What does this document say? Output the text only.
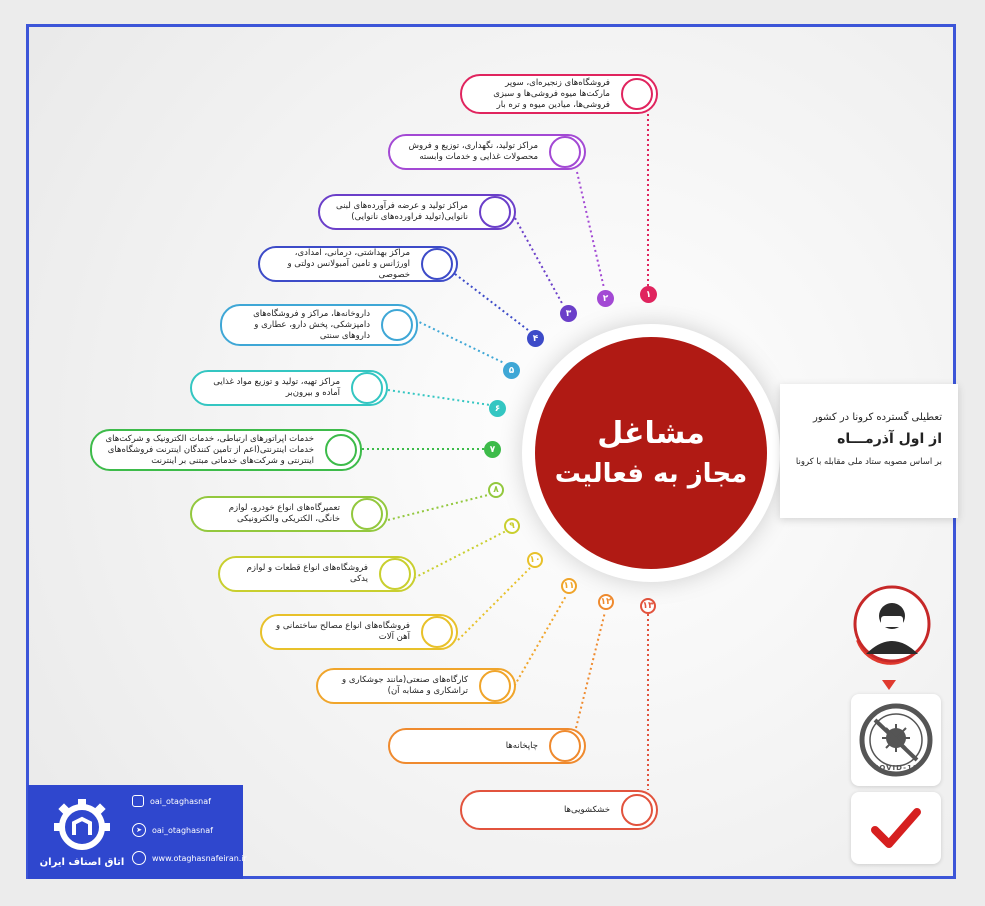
فروشگاه‌های زنجیره‌ای، سوپر مارکت‌ها میوه فروشی‌ها و سبزی فروشی‌ها، میادین میوه و تره بار
مراکز تولید، نگهداری، توزیع و فروش محصولات غذایی و خدمات وابسته
مراکز تولید و عرضه فرآورده‌های لبنی نانوایی(تولید فراورده‌های نانوایی)
مراکز بهداشتی، درمانی، امدادی، اورژانس و تامین آمبولانس دولتی و خصوصی
داروخانه‌ها، مراکز و فروشگاه‌های دامپزشکی، پخش دارو، عطاری و داروهای سنتی
مراکز تهیه، تولید و توزیع مواد غذایی آماده و بیرون‌بر
خدمات اپراتورهای ارتباطی، خدمات الکترونیک و شرکت‌های خدمات اینترنتی(اعم از تامین کنندگان اینترنت فروشگاه‌های اینترنتی و شرکت‌های خدماتی مبتنی بر اینترنت
تعمیرگاه‌های انواع خودرو، لوازم خانگی، الکتریکی والکترونیکی
فروشگاه‌های انواع قطعات و لوازم یدکی
فروشگاه‌های انواع مصالح ساختمانی و آهن آلات
کارگاه‌های صنعتی(مانند جوشکاری و تراشکاری و مشابه آن)
چاپخانه‌ها
خشکشویی‌ها
۱
۲
۳
۴
۵
۶
۷
۸
۹
۱۰
۱۱
۱۲	۱۳
مشاغل
مجاز به فعالیت
تعطیلی گسترده کرونا در کشور
از اول آذرمـــاه
بر اساس مصوبه ستاد ملی مقابله با کرونا
COVID-19
اتاق اصناف ایران
oai_otaghasnaf
➤	oai_otaghasnaf
www.otaghasnafeiran.ir
